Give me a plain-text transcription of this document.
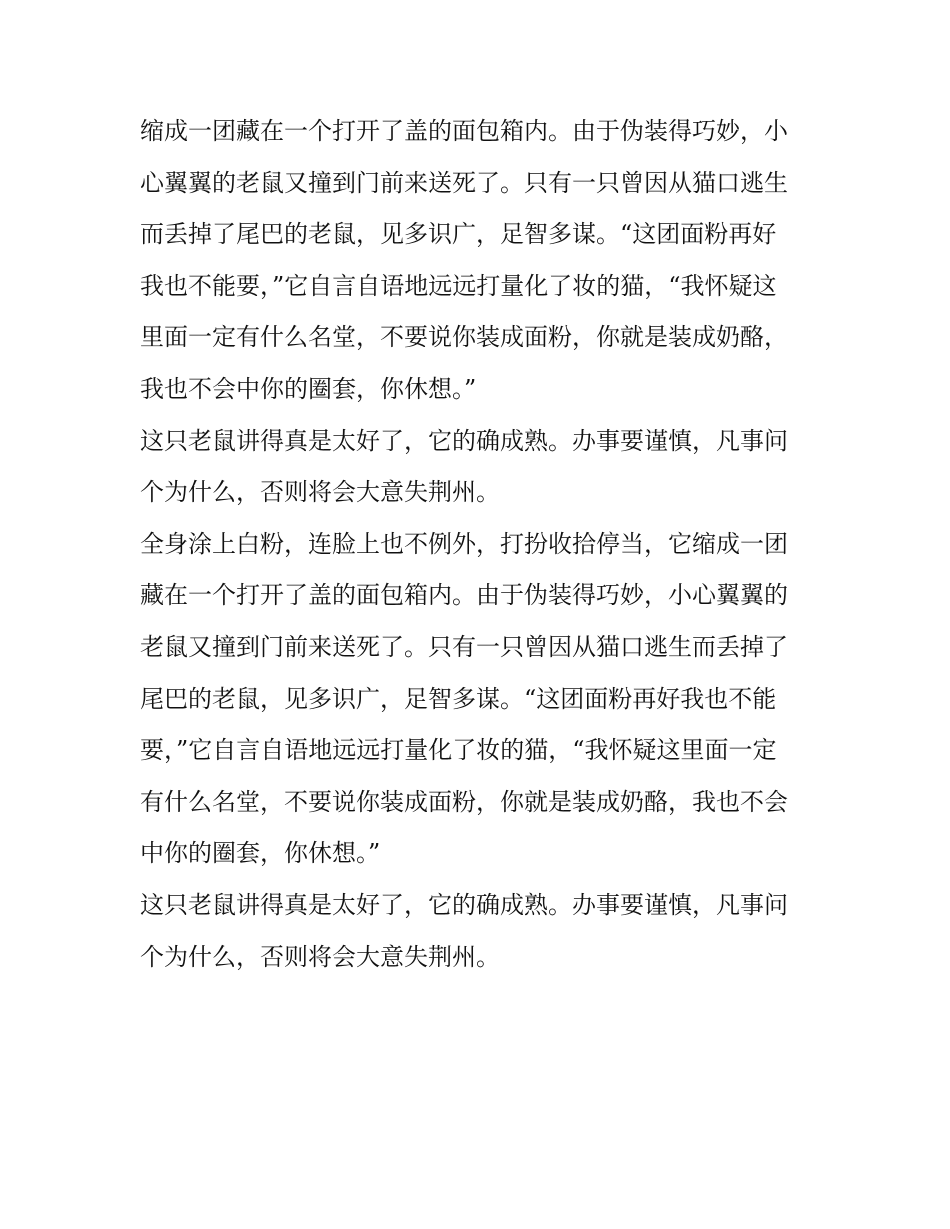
缩成一团藏在一个打开了盖的面包箱内。由于伪装得巧妙，小
心翼翼的老鼠又撞到门前来送死了。只有一只曾因从猫口逃生
而丢掉了尾巴的老鼠，见多识广，足智多谋。“这团面粉再好
我也不能要，”它自言自语地远远打量化了妆的猫，“我怀疑这
里面一定有什么名堂，不要说你装成面粉，你就是装成奶酪，
我也不会中你的圈套，你休想。”
这只老鼠讲得真是太好了，它的确成熟。办事要谨慎，凡事问
个为什么，否则将会大意失荆州。
全身涂上白粉，连脸上也不例外，打扮收拾停当，它缩成一团
藏在一个打开了盖的面包箱内。由于伪装得巧妙，小心翼翼的
老鼠又撞到门前来送死了。只有一只曾因从猫口逃生而丢掉了
尾巴的老鼠，见多识广，足智多谋。“这团面粉再好我也不能
要，”它自言自语地远远打量化了妆的猫，“我怀疑这里面一定
有什么名堂，不要说你装成面粉，你就是装成奶酪，我也不会
中你的圈套，你休想。”
这只老鼠讲得真是太好了，它的确成熟。办事要谨慎，凡事问
个为什么，否则将会大意失荆州。
